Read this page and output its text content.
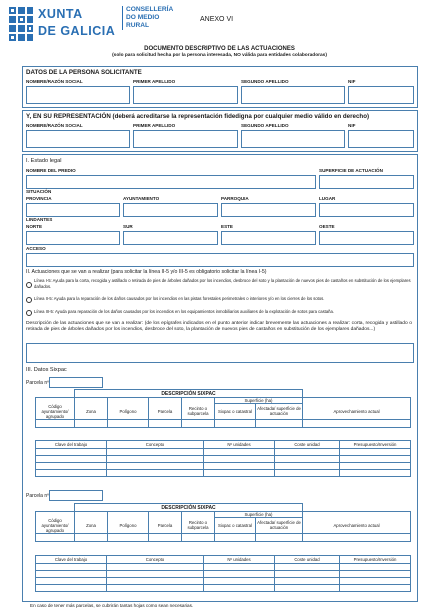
XUNTA
DE GALICIA
CONSELLERÍA
DO MEDIO
RURAL
ANEXO VI
DOCUMENTO DESCRIPTIVO DE LAS ACTUACIONES
(solo para solicitud hecha por la persona interesada, NO válida para entidades colaboradoras)
DATOS DE LA PERSONA SOLICITANTE
NOMBRE/RAZÓN SOCIAL	PRIMER APELLIDO	SEGUNDO APELLIDO	NIF
Y, EN SU REPRESENTACIÓN (deberá acreditarse la representación fidedigna por cualquier medio válido en derecho)
NOMBRE/RAZÓN SOCIAL	PRIMER APELLIDO	SEGUNDO APELLIDO	NIF
I. Estado legal
NOMBRE DEL PREDIO	SUPERFICIE DE ACTUACIÓN
SITUACIÓN
PROVINCIA	AYUNTAMIENTO	PARROQUIA	LUGAR
LINDANTES
NORTE	SUR	ESTE	OESTE
ACCESO
II. Actuaciones que se van a realizar (para solicitar la línea II-5 y/o III-5 es obligatorio solicitar la línea I-5)
Línea I-5: Ayuda para la corta, recogida y astillado o retirada de pies de árboles dañados por los incendios, desbroce del soto y la plantación de nuevos pies de castaños en substitución de los ejemplares dañados.
Línea II-5: Ayuda para la reparación de los daños causados por los incendios en las pistas forestales perimetrales o interiores y/o en los cierres de los sotos.
Línea III-5: Ayuda para reparación de los daños causados por los incendios en los equipamientos inmobiliarios auxiliares de la explotación de sotos para castaña.
Descripción de las actuaciones que se van a realizar: (de los epígrafes indicados en el punto anterior indicar brevemente las actuaciones a realizar: corta, recogida y astillado o retirada de pies de árboles dañados por los incendios, desbroce del soto, la plantación de nuevos pies de castaños en substitución de los ejemplares dañados...)
III. Datos Sixpac
Parcela nº
	DESCRIPCIÓN SIXPAC						
					Superficie (ha)		
Código ayuntamiento/ agrupado	Zona	Polígono	Parcela	Recinto o subparcela	Sixpac o catastral	Afectada/ superficie de actuación	Aprovechamiento actual

Clave del trabajo	Concepto	Nº unidades	Coste unidad	Presupuesto/Inversión

Parcela nº
	DESCRIPCIÓN SIXPAC						
					Superficie (ha)		
Código ayuntamiento/ agrupado	Zona	Polígono	Parcela	Recinto o subparcela	Sixpac o catastral	Afectada/ superficie de actuación	Aprovechamiento actual

Clave del trabajo	Concepto	Nº unidades	Coste unidad	Presupuesto/Inversión

En caso de tener más parcelas, se cubrirán tantas hojas como sean necesarias.
